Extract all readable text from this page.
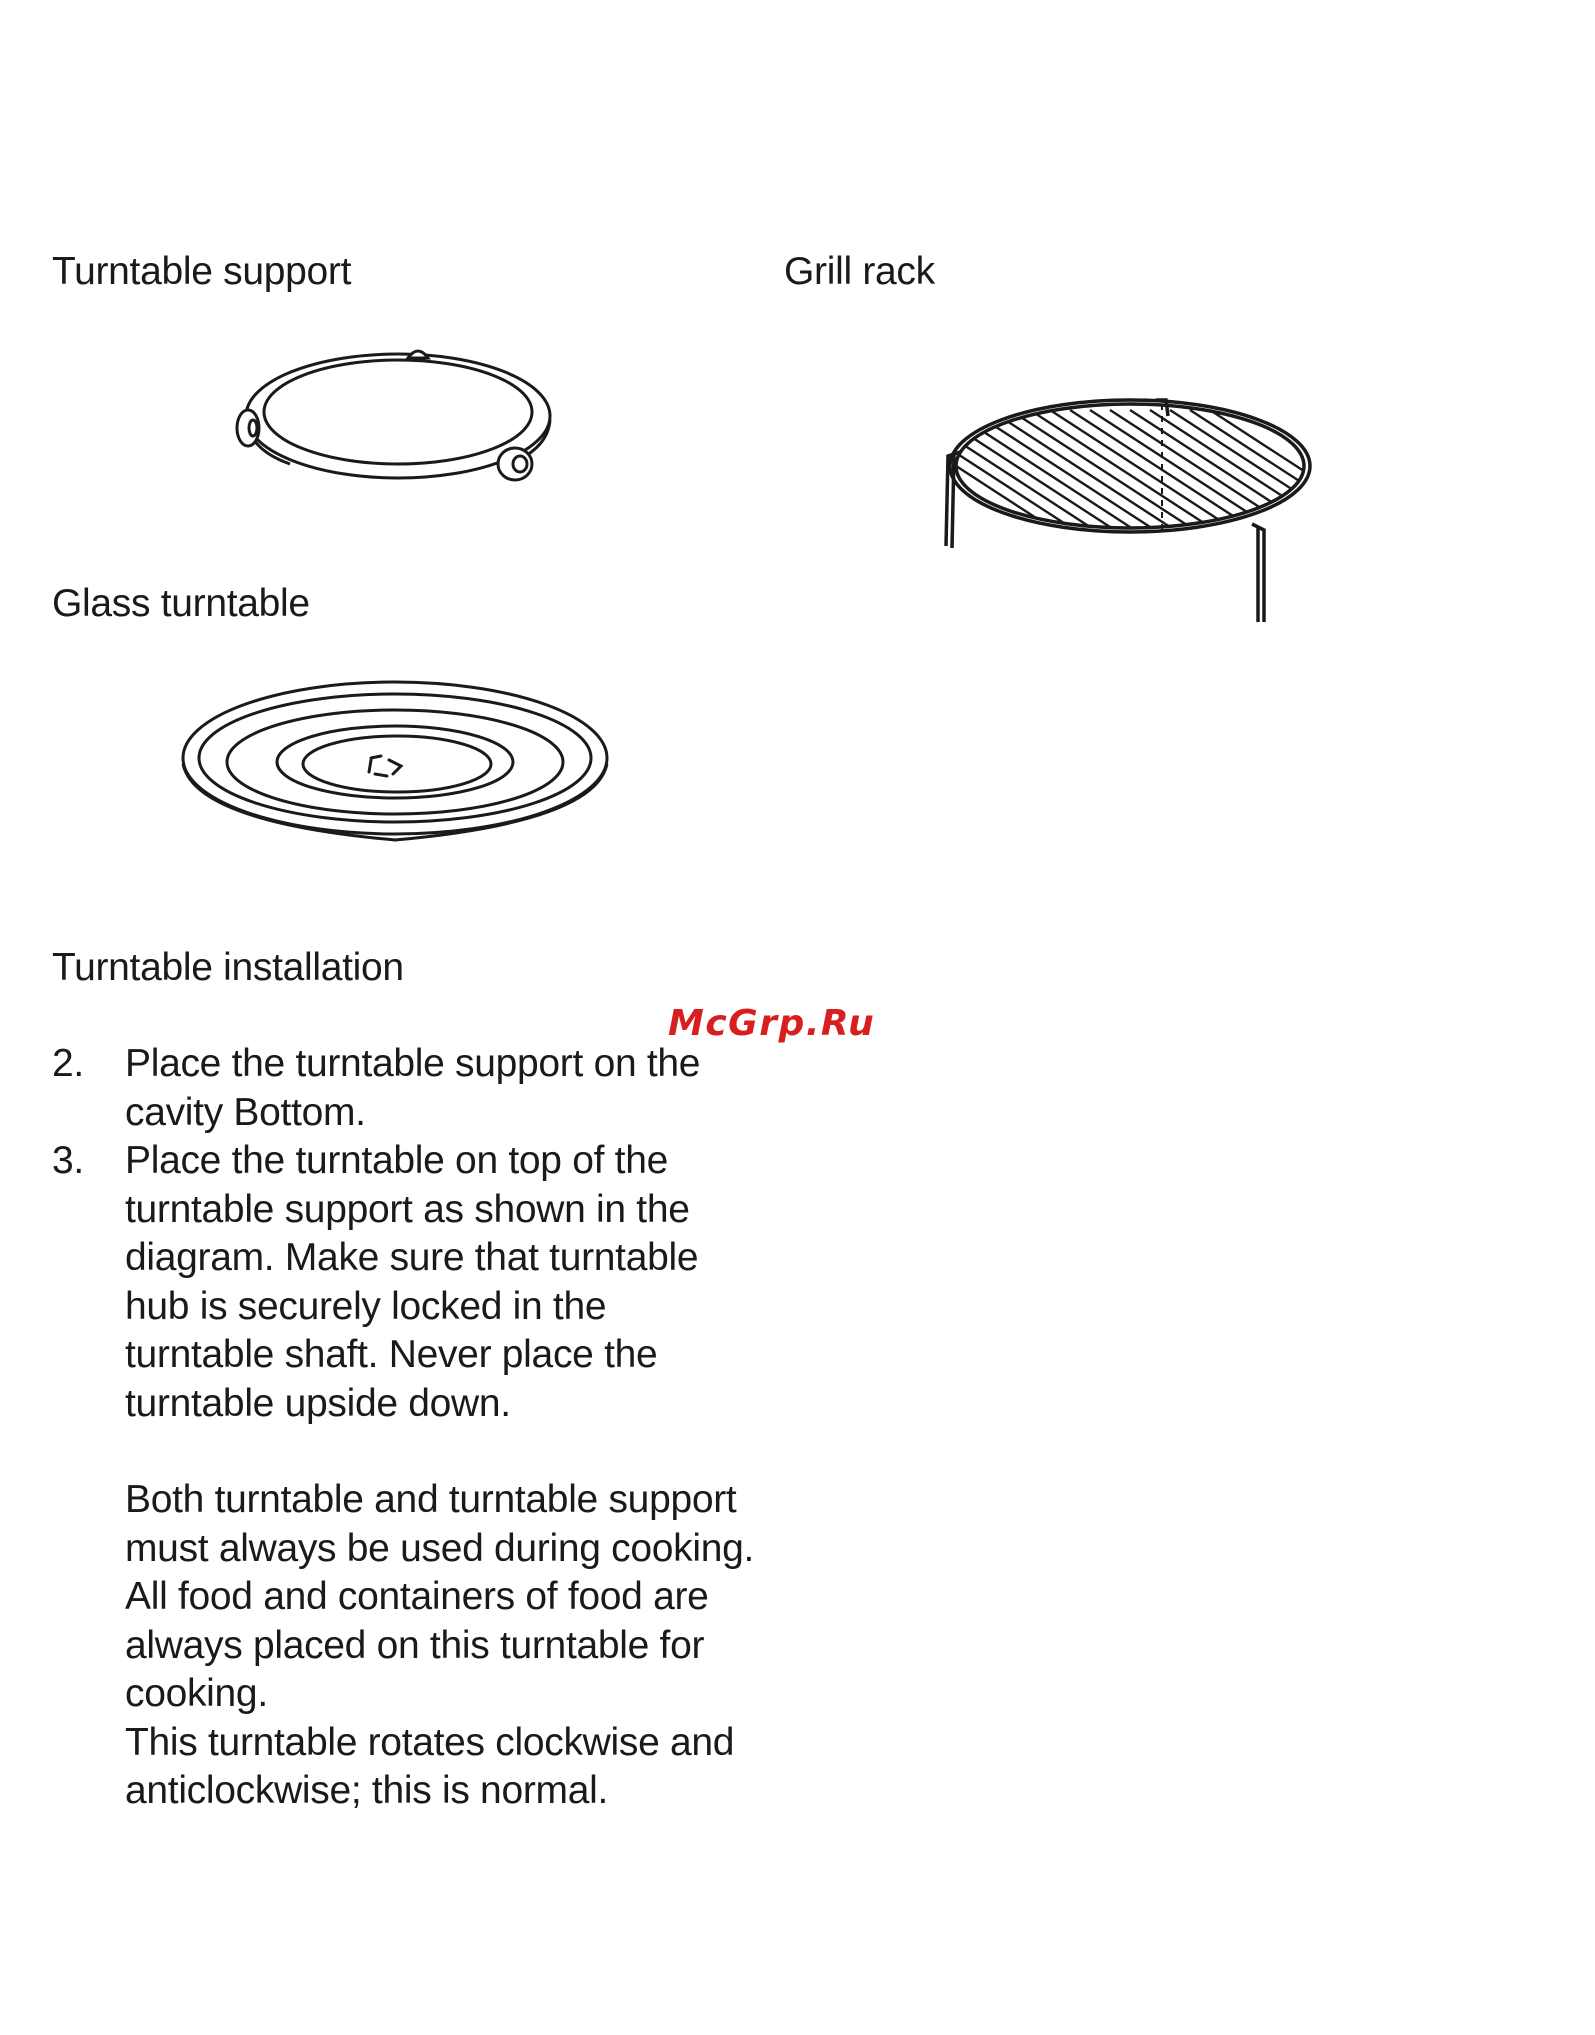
Turntable support	Grill rack
Glass turntable
Turntable installation
McGrp.Ru
2.	Place the turntable support on the cavity Bottom.
3.	Place the turntable on top of the turntable support as shown in the diagram. Make sure that turntable hub is securely locked in the turntable shaft. Never place the turntable upside down.

Both turntable and turntable support must always be used during cooking.

All food and containers of food are always placed on this turntable for cooking.

This turntable rotates clockwise and anticlockwise; this is normal.
